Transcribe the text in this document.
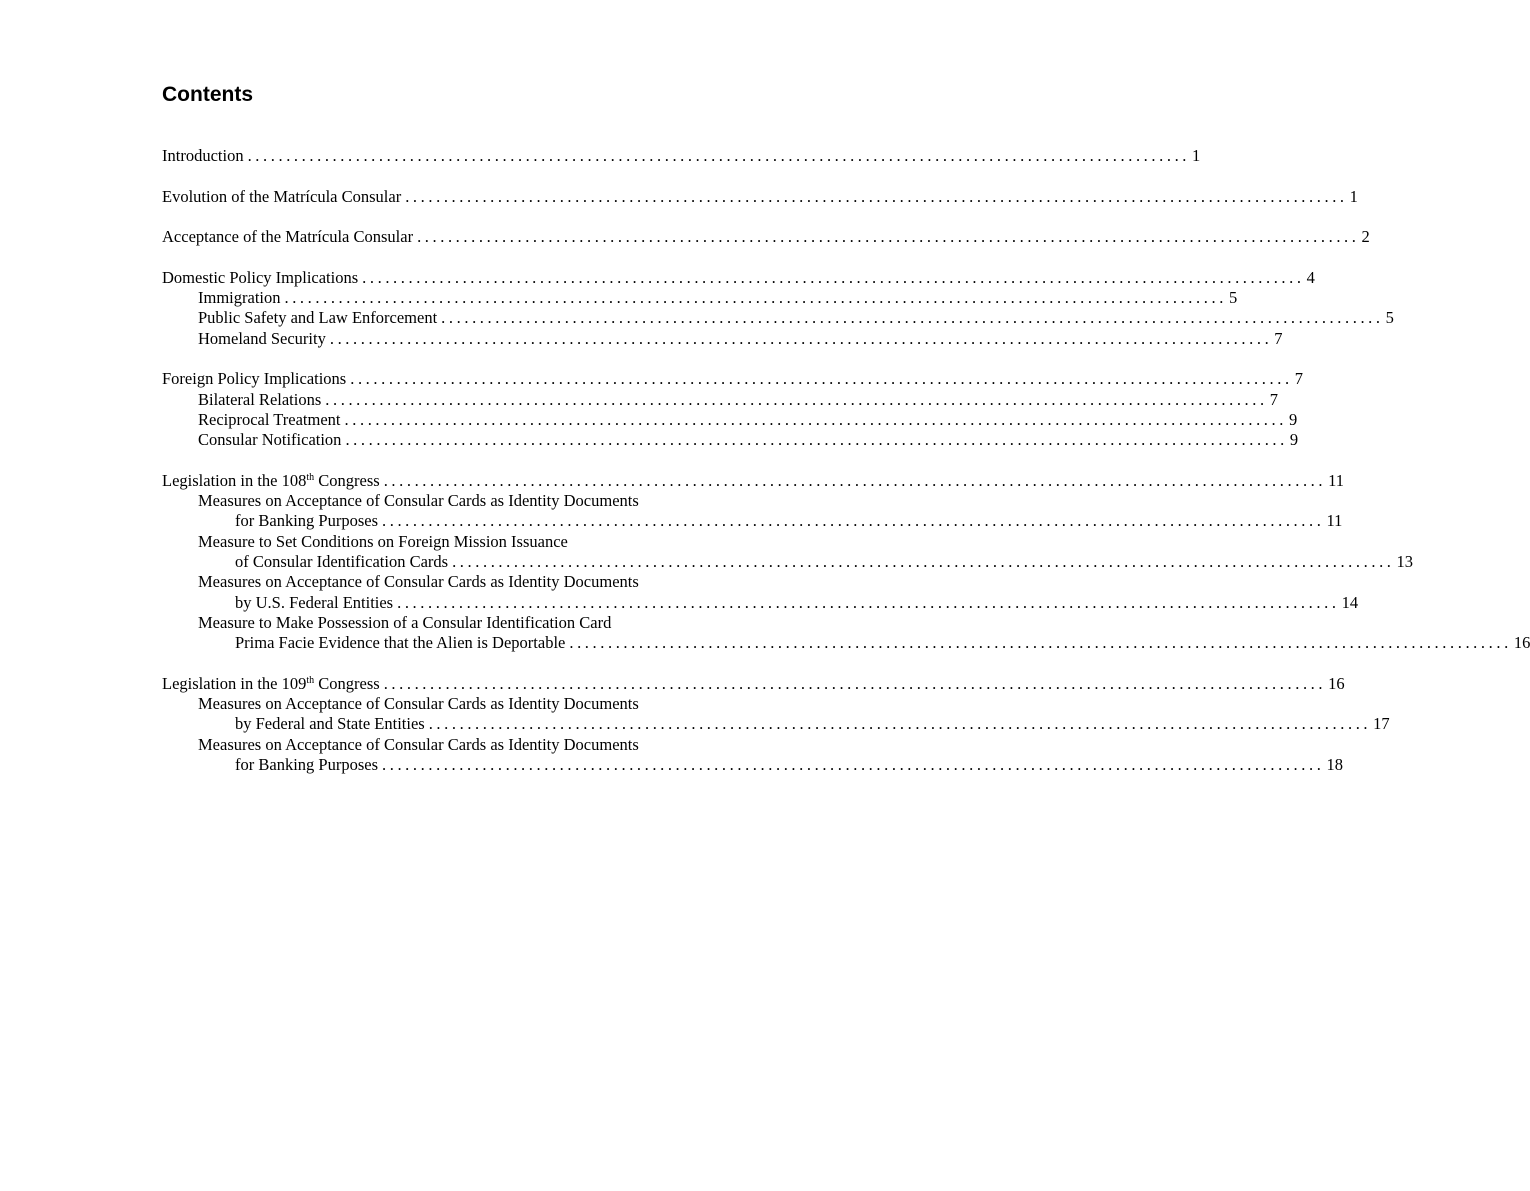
Contents
Introduction .......................................................................................................................... 1
Evolution of the Matrícula Consular .......................................................................................................................... 1
Acceptance of the Matrícula Consular .......................................................................................................................... 2
Domestic Policy Implications .......................................................................................................................... 4
Immigration .......................................................................................................................... 5
Public Safety and Law Enforcement .......................................................................................................................... 5
Homeland Security .......................................................................................................................... 7
Foreign Policy Implications .......................................................................................................................... 7
Bilateral Relations .......................................................................................................................... 7
Reciprocal Treatment .......................................................................................................................... 9
Consular Notification .......................................................................................................................... 9
Legislation in the 108th Congress .......................................................................................................................... 11
Measures on Acceptance of Consular Cards as Identity Documents
for Banking Purposes .......................................................................................................................... 11
Measure to Set Conditions on Foreign Mission Issuance
of Consular Identification Cards .......................................................................................................................... 13
Measures on Acceptance of Consular Cards as Identity Documents
by U.S. Federal Entities .......................................................................................................................... 14
Measure to Make Possession of a Consular Identification Card
Prima Facie Evidence that the Alien is Deportable .......................................................................................................................... 16
Legislation in the 109th Congress .......................................................................................................................... 16
Measures on Acceptance of Consular Cards as Identity Documents
by Federal and State Entities .......................................................................................................................... 17
Measures on Acceptance of Consular Cards as Identity Documents
for Banking Purposes .......................................................................................................................... 18
